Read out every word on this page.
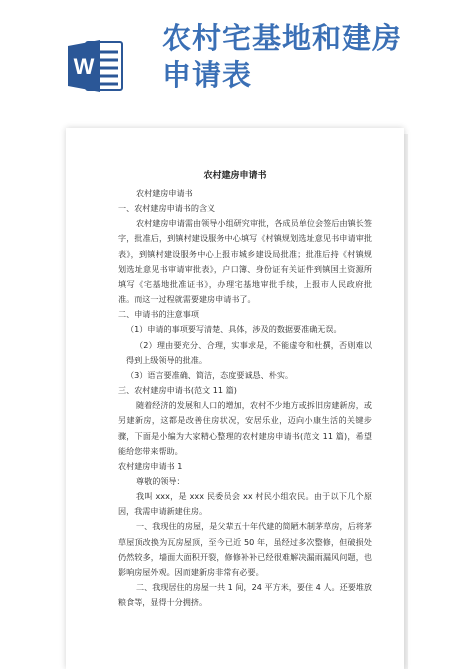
W
农村宅基地和建房
申请表
农村建房申请书

农村建房申请书

一、农村建房申请书的含义

农村建房申请需由领导小组研究审批，各成员单位会签后由镇长签字，批准后，到镇村建设服务中心填写《村镇规划选址意见书申请审批表》，到镇村建设服务中心上报市城乡建设局批准；批准后持《村镇规划选址意见书审请审批表》，户口簿、身份证有关证件到镇国土资源所填写《宅基地批准证书》，办理宅基地审批手续，上报市人民政府批准。而这一过程就需要建房申请书了。

二、申请书的注意事项

（1）申请的事项要写清楚、具体，涉及的数据要准确无误。

（2）理由要充分、合理，实事求是，不能虚夸和杜撰，否则难以得到上级领导的批准。

（3）语言要准确、简洁，态度要诚恳、朴实。

三、农村建房申请书(范文 11 篇)

随着经济的发展和人口的增加，农村不少地方或拆旧房建新房，或另建新房，这都是改善住房状况，安居乐业，迈向小康生活的关键步骤，下面是小编为大家精心整理的农村建房申请书(范文 11 篇)，希望能给您带来帮助。

农村建房申请书 1

尊敬的领导：

我叫 xxx，是 xxx 民委员会 xx 村民小组农民。由于以下几个原因，我需申请新建住房。

一、我现住的房屋，是父辈五十年代建的简陋木制茅草房，后将茅草屋顶改换为瓦房屋顶，至今已近 50 年，虽经过多次整修，但破损处仍然较多，墙面大面积开裂，修修补补已经很难解决漏雨漏风问题，也影响房屋外观。因而建新房非常有必要。

二、我现居住的房屋一共 1 间，24 平方米，要住 4 人。还要堆放粮食等，显得十分拥挤。
